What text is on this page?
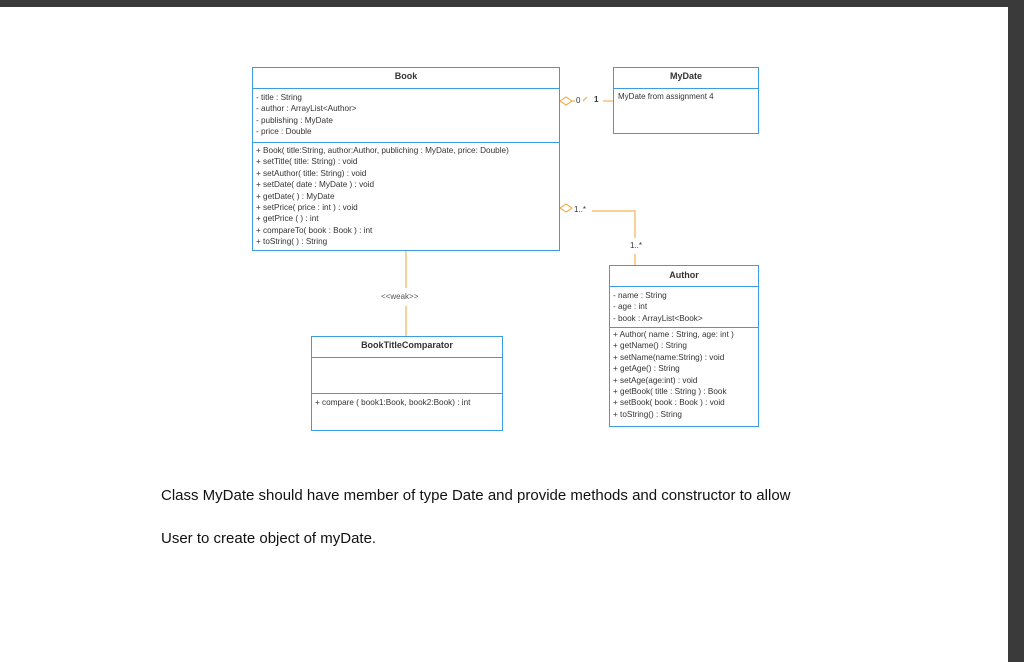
0 1
1..*
1..*
<<weak>>
Book
- title : String
- author : ArrayList<Author>
- publishing : MyDate
- price : Double
+ Book( title:String, author:Author, publiching : MyDate, price: Double)
+ setTitle( title: String) : void
+ setAuthor( title: String) : void
+ setDate( date : MyDate ) : void
+ getDate( ) : MyDate
+ setPrice( price : int ) : void
+ getPrice ( ) : int
+ compareTo( book : Book ) : int
+ toString( ) : String
MyDate
MyDate from assignment 4
Author
- name : String
- age : int
- book : ArrayList<Book>
+ Author( name : String, age: int )
+ getName() : String
+ setName(name:String) : void
+ getAge() : String
+ setAge(age:int) : void
+ getBook( title : String ) : Book
+ setBook( book : Book ) : void
+ toString() : String
BookTitleComparator
+ compare ( book1:Book, book2:Book) : int
Class MyDate should have member of type Date and provide methods and constructor to allow
User to create object of myDate.
